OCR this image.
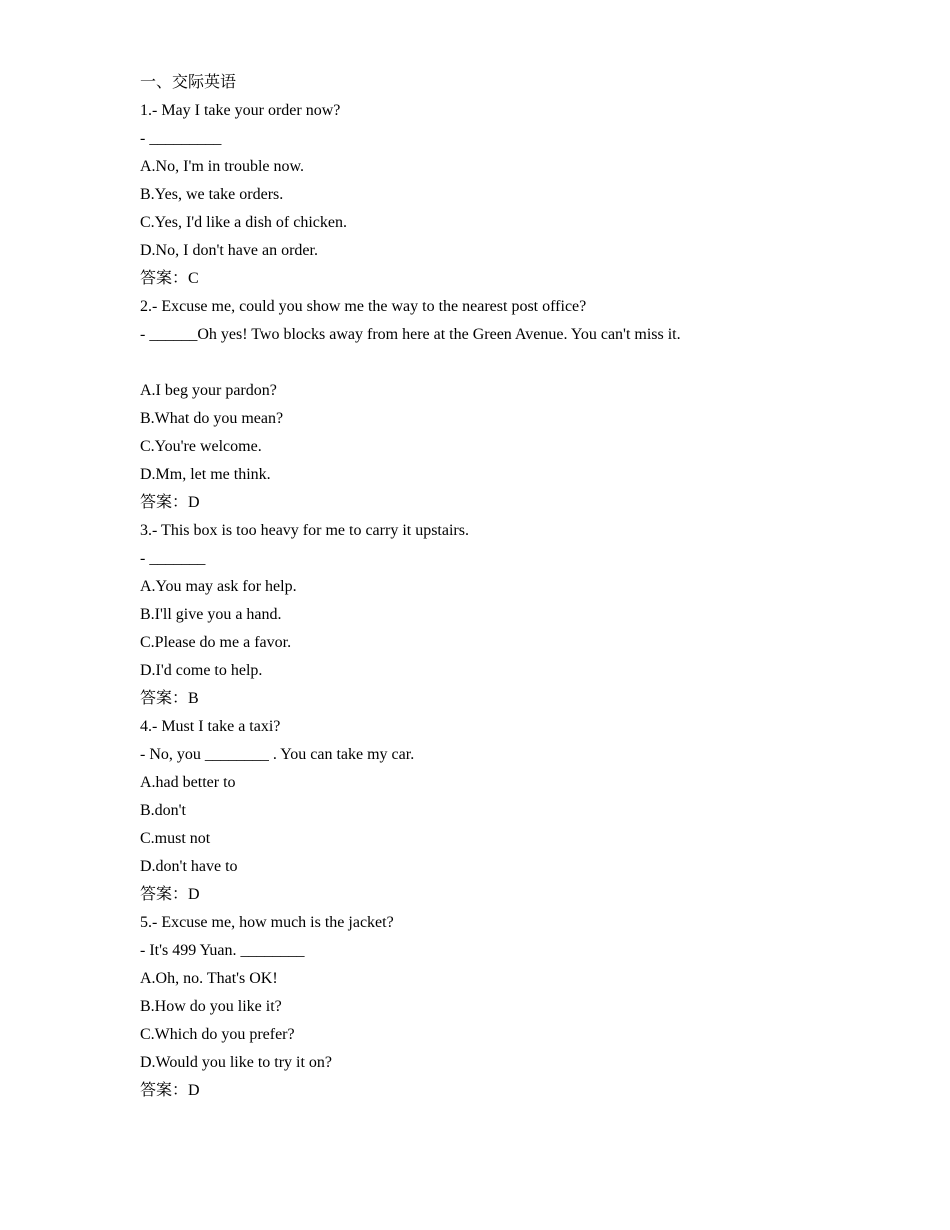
一、交际英语
1.- May I take your order now?
- _________
A.No, I'm in trouble now.
B.Yes, we take orders.
C.Yes, I'd like a dish of chicken.
D.No, I don't have an order.
答案：C
2.- Excuse me, could you show me the way to the nearest post office?
- ______Oh yes! Two blocks away from here at the Green Avenue. You can't miss it.
A.I beg your pardon?
B.What do you mean?
C.You're welcome.
D.Mm, let me think.
答案：D
3.- This box is too heavy for me to carry it upstairs.
- _______
A.You may ask for help.
B.I'll give you a hand.
C.Please do me a favor.
D.I'd come to help.
答案：B
4.- Must I take a taxi?
- No, you ________ . You can take my car.
A.had better to
B.don't
C.must not
D.don't have to
答案：D
5.- Excuse me, how much is the jacket?
- It's 499 Yuan. ________
A.Oh, no. That's OK!
B.How do you like it?
C.Which do you prefer?
D.Would you like to try it on?
答案：D
